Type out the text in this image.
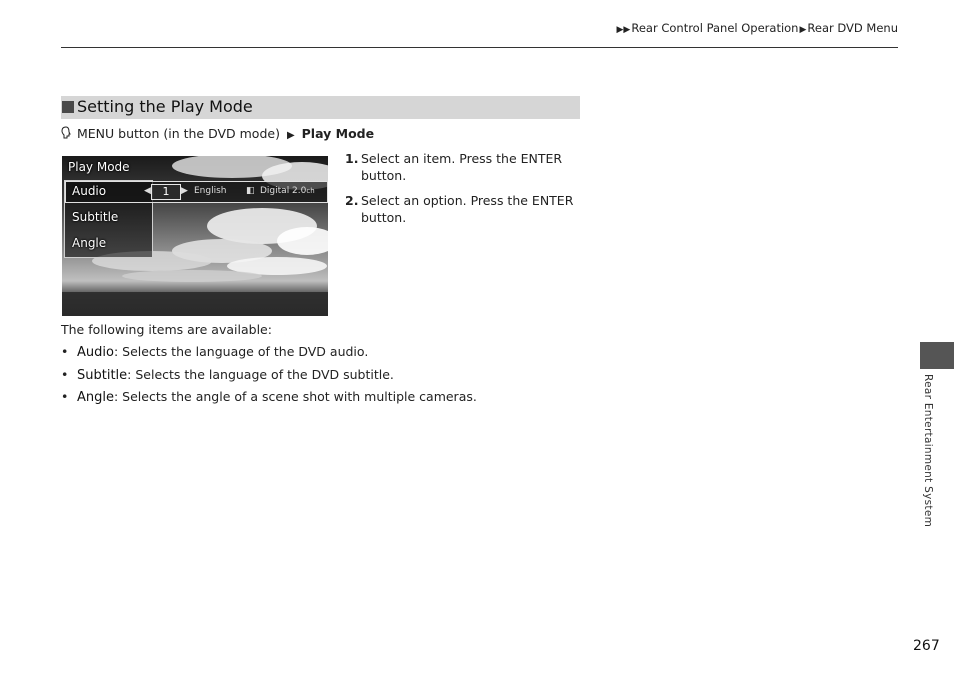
▶▶Rear Control Panel Operation▶Rear DVD Menu
Setting the Play Mode
MENU button (in the DVD mode) ▶ Play Mode
Play Mode
Audio
Subtitle
Angle
◀	1	▶ English ◧ Digital 2.0ch
1. Select an item. Press the ENTER button.
2. Select an option. Press the ENTER button.
The following items are available:
• Audio: Selects the language of the DVD audio.
• Subtitle: Selects the language of the DVD subtitle.
• Angle: Selects the angle of a scene shot with multiple cameras.	Rear Entertainment System
267
